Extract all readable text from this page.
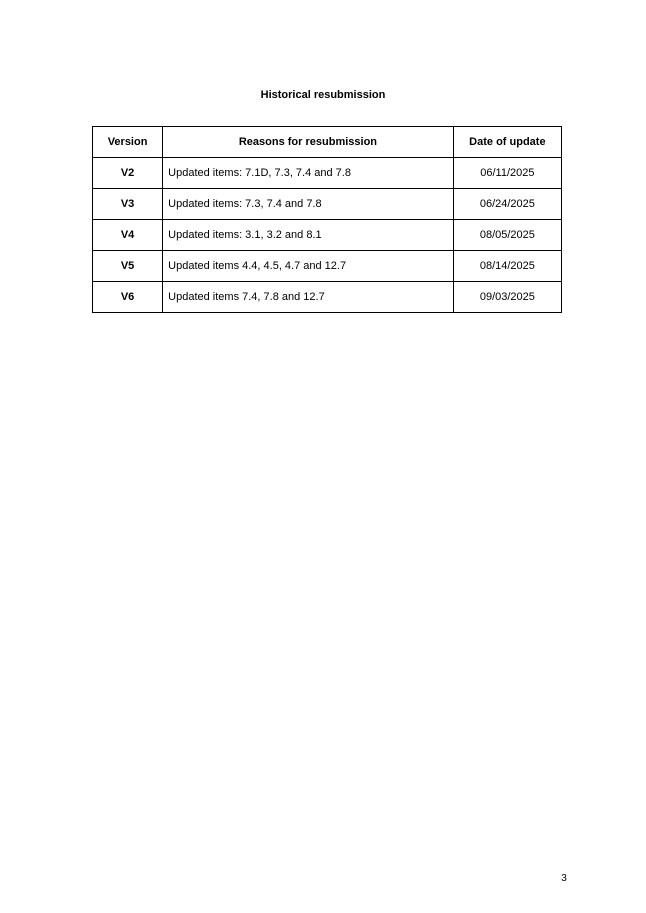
Historical resubmission
Version	Reasons for resubmission	Date of update
V2	Updated items: 7.1D, 7.3, 7.4 and 7.8	06/11/2025
V3	Updated items: 7.3, 7.4 and 7.8	06/24/2025
V4	Updated items: 3.1, 3.2 and 8.1	08/05/2025
V5	Updated items 4.4, 4.5, 4.7 and 12.7	08/14/2025
V6	Updated items 7.4, 7.8 and 12.7	09/03/2025
3
